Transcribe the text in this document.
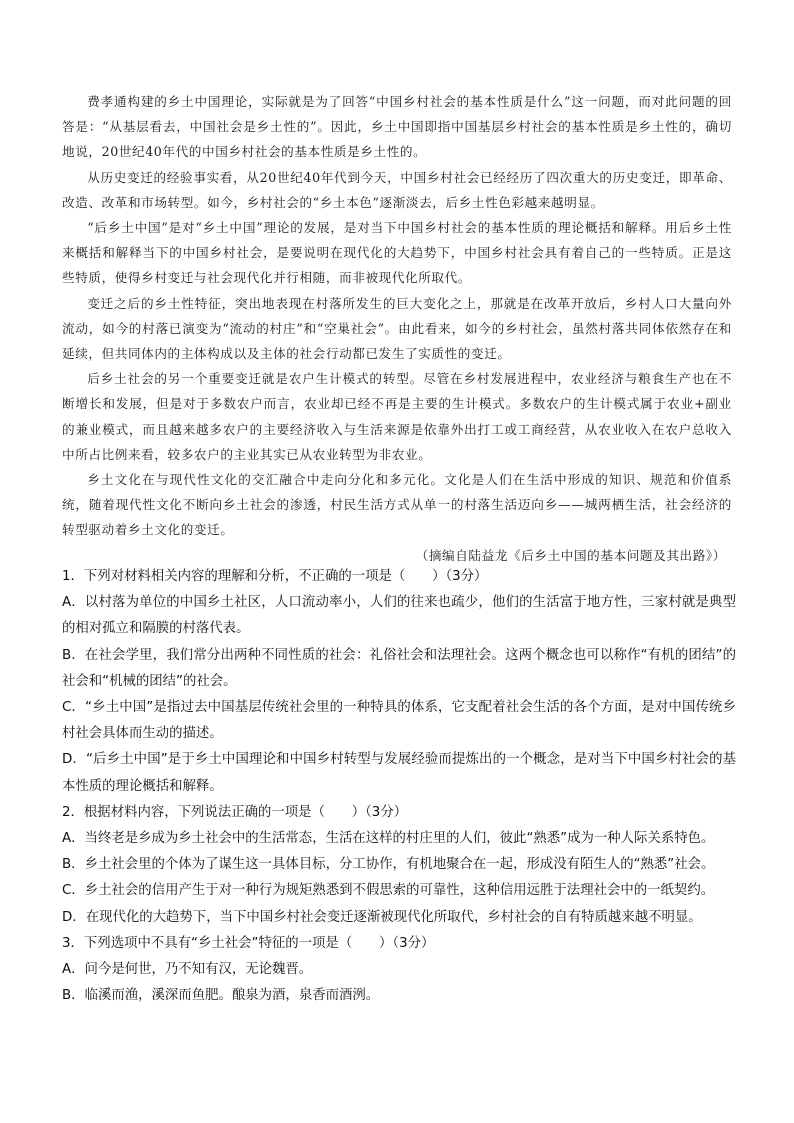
费孝通构建的乡土中国理论，实际就是为了回答“中国乡村社会的基本性质是什么”这一问题，而对此问题的回答是：“从基层看去，中国社会是乡土性的”。因此，乡土中国即指中国基层乡村社会的基本性质是乡土性的，确切地说，20世纪40年代的中国乡村社会的基本性质是乡土性的。

从历史变迁的经验事实看，从20世纪40年代到今天，中国乡村社会已经经历了四次重大的历史变迁，即革命、改造、改革和市场转型。如今，乡村社会的“乡土本色”逐渐淡去，后乡土性色彩越来越明显。

“后乡土中国”是对“乡土中国”理论的发展，是对当下中国乡村社会的基本性质的理论概括和解释。用后乡土性来概括和解释当下的中国乡村社会，是要说明在现代化的大趋势下，中国乡村社会具有着自己的一些特质。正是这些特质，使得乡村变迁与社会现代化并行相随，而非被现代化所取代。

变迁之后的乡土性特征，突出地表现在村落所发生的巨大变化之上，那就是在改革开放后，乡村人口大量向外流动，如今的村落已演变为“流动的村庄”和“空巢社会”。由此看来，如今的乡村社会，虽然村落共同体依然存在和延续，但共同体内的主体构成以及主体的社会行动都已发生了实质性的变迁。

后乡土社会的另一个重要变迁就是农户生计模式的转型。尽管在乡村发展进程中，农业经济与粮食生产也在不断增长和发展，但是对于多数农户而言，农业却已经不再是主要的生计模式。多数农户的生计模式属于农业+副业的兼业模式，而且越来越多农户的主要经济收入与生活来源是依靠外出打工或工商经营，从农业收入在农户总收入中所占比例来看，较多农户的主业其实已从农业转型为非农业。

乡土文化在与现代性文化的交汇融合中走向分化和多元化。文化是人们在生活中形成的知识、规范和价值系统，随着现代性文化不断向乡土社会的渗透，村民生活方式从单一的村落生活迈向乡——城两栖生活，社会经济的转型驱动着乡土文化的变迁。

（摘编自陆益龙《后乡土中国的基本问题及其出路》）

1．下列对材料相关内容的理解和分析，不正确的一项是（　　）（3分）

A．以村落为单位的中国乡土社区，人口流动率小，人们的往来也疏少，他们的生活富于地方性，三家村就是典型的相对孤立和隔膜的村落代表。

B．在社会学里，我们常分出两种不同性质的社会：礼俗社会和法理社会。这两个概念也可以称作“有机的团结”的社会和“机械的团结”的社会。

C．“乡土中国”是指过去中国基层传统社会里的一种特具的体系，它支配着社会生活的各个方面，是对中国传统乡村社会具体而生动的描述。

D．“后乡土中国”是于乡土中国理论和中国乡村转型与发展经验而提炼出的一个概念，是对当下中国乡村社会的基本性质的理论概括和解释。

2．根据材料内容，下列说法正确的一项是（　　）（3分）

A．当终老是乡成为乡土社会中的生活常态，生活在这样的村庄里的人们，彼此“熟悉”成为一种人际关系特色。

B．乡土社会里的个体为了谋生这一具体目标，分工协作，有机地聚合在一起，形成没有陌生人的“熟悉”社会。

C．乡土社会的信用产生于对一种行为规矩熟悉到不假思索的可靠性，这种信用远胜于法理社会中的一纸契约。

D．在现代化的大趋势下，当下中国乡村社会变迁逐渐被现代化所取代，乡村社会的自有特质越来越不明显。

3．下列选项中不具有“乡土社会”特征的一项是（　　）（3分）

A．问今是何世，乃不知有汉，无论魏晋。

B．临溪而渔，溪深而鱼肥。酿泉为酒，泉香而酒洌。
